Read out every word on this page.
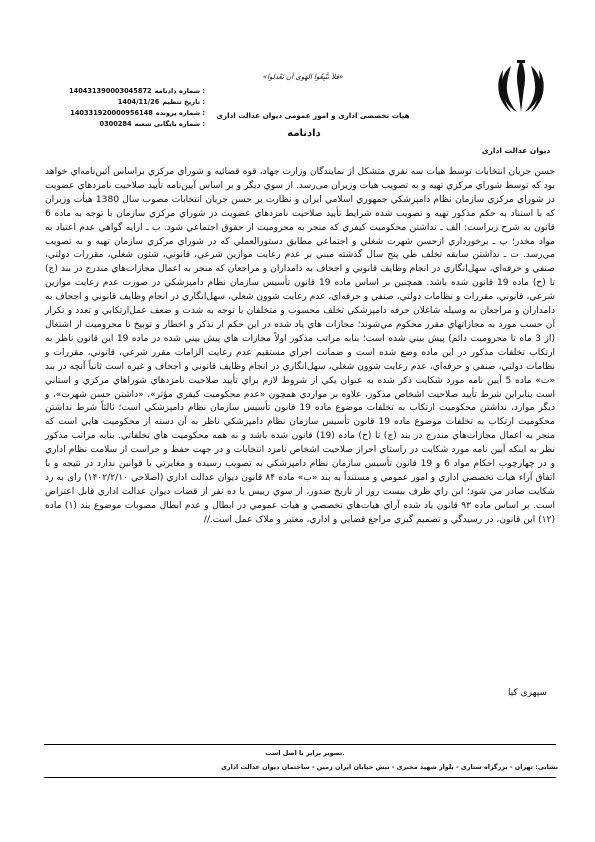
دیوان عدالت اداری
«فلاَ تتَّبِعُوا الهَوی اَن تَعْدلوا»
هیات تخصصی اداری و امور عمومی دیوان عدالت اداری
دادنامه
شماره دادنامه :
140431390003045872
تاریخ تنظیم :
1404/11/26
شماره پرونده :
140331920000956148
شماره بایگانی شعبه :
0300284

حسن جریان انتخابات توسط هیات سه نفري متشکل از نمایندگان وزارت جهاد، قوه قضائیه و شوراي مرکزي براساس آئین‌نامه‌اي خواهد بود که توسط شوراي مرکزي تهیه و به تصویب هیات وزیران می‌رسد. از سوي دیگر و بر اساس آیین‌نامه تأیید صلاحیت نامزدهاي عضویت در شوراي مرکزي سازمان نظام دامپزشکي جمهوري اسلامي ایران و نظارت بر حسن جریان انتخابات مصوب سال 1380 هیأت وزیران که با استناد به حکم مذکور تهیه و تصویب شده شرایط تأیید صلاحیت نامزدهاي عضویت در شوراي مرکزي سازمان با توجه به ماده 6 قانون به شرح زیراست: الف ـ نداشتن محکومیت کیفري که منجر به محرومیت از حقوق اجتماعي شود. ب ـ ارایه گواهي عدم اعتیاد به مواد مخدر؛ پ ـ برخورداري ازحسن شهرت شغلي و اجتماعي مطابق دستورالعملي که در شوراي مرکزي سازمان تهیه و به تصویب مي‌رسد. ت ـ نداشتن سابقه تخلف طي پنج سال گذشته مبني بر عدم رعایت موازین شرعي، قانوني، شئون شغلي، مقررات دولتي، صنفي و حرفه‌اي، سهل‌انگاري در انجام وظایف قانوني و اجحاف به دامداران و مراجعان که منجر به اعمال مجازات‌هاي مندرج در بند (ج) تا (ح) ماده 19 قانون شده باشد. همچنین بر اساس ماده 19 قانون تأسیس سازمان نظام دامپزشکي در صورت عدم رعایت موازین شرعي، قانوني، مقررات و نظامات دولتي، صنفي و حرفه‌اي، عدم رعایت شوون شغلي، سهل‌انگاري در انجام وظایف قانوني و اجحاف به دامداران و مراجعان به وسیله شاغلان حرفه دامپزشکي تخلف محسوب و متخلفان با توجه به شدت و ضعف عمل‌ارتکابي و تعدد و تکرار آن حسب مورد به مجازاتهاي مقرر محکوم مي‌شوند؛ مجازات هاي یاد شده در این حکم از تذکر و اخطار و توبیخ تا محرومیت از اشتغال (از 3 ماه تا محرومیت دائم) پیش بیني شده است؛ بنابه مراتب مذکور اولاً مجازات هاي پیش بیني شده در ماده 19 این قانون ناظر به ارتکاب تخلفات مذکور در این ماده وضع شده است و ضمانت اجراي مستقیم عدم رعایت الزامات مقرر شرعي، قانوني، مقررات و نظامات دولتي، صنفي و حرفه‌اي، عدم رعایت شوون شغلي، سهل‌انگاري در انجام وظایف قانوني و اجحاف و غیره است ثانیاً آنچه در بند «ت» ماده 5 آیین نامه مورد شکایت ذکر شده به عنوان یکي از شروط لازم براي تأیید صلاحیت نامزدهاي شوراهاي مرکزي و استاني است بنابراین شرط تأیید صلاحیت اشخاص مذکور، علاوه بر مواردي همچون «عدم محکومیت کیفري مؤثر»، «داشتن حسن شهرت»، و دیگر موارد، نداشتن محکومیت ارتکاب به تخلفات موضوع ماده 19 قانون تأسیس سازمان نظام دامپزشکي است؛ ثالثاً شرط نداشتن محکومیت ارتکاب به تخلفات موضوع ماده 19 قانون تأسیس سازمان نظام دامپزشکي ناظر به آن دسته از محکومیت هایي است که منجر به اعمال مجازات‌هاي مندرج در بند (ج) تا (ح) ماده (19) قانون شده باشد و نه همه محکومیت هاي تخلفاتي. بنابه مراتب مذکور نظر به اینکه آیین نامه مورد شکایت در راستاي احراز صلاحیت اشخاص نامزد انتخابات و در جهت حفظ و حراست از سلامت نظام اداري و در چهارچوب احکام مواد 6 و 19 قانون تأسیس سازمان نظام دامپزشکي به تصویب رسیده و مغایرتي با قوانین ندارد در نتیجه و با اتفاق آراء هیات تخصصي اداري و امور عمومي و مستنداً به بند «ب» ماده ۸۴ قانون دیوان عدالت اداري (اصلاحي ۱۴۰۲/۲/۱۰) رای به رد شکایت صادر مي شود؛ این راي ظرف بیست روز از تاریخ صدور، از سوي رییس یا ده نفر از قضات دیوان عدالت اداري قابل اعتراض است. بر اساس ماده ۹۳ قانون یاد شده آراي هیات‌هاي تخصصي و هیات عمومي در ابطال و عدم ابطال مصوبات موضوع بند (۱) ماده (۱۲) این قانون، در رسیدگي و تصمیم گیري مراجع قضایي و اداري، معتبر و ملاک عمل است.//

سپهری کیا
تصویر برابر با اصل است.
نشانی: تهران - بزرگراه ستاری - بلوار شهید مخبری - نبش خیابان ایران زمین - ساختمان دیوان عدالت اداری
